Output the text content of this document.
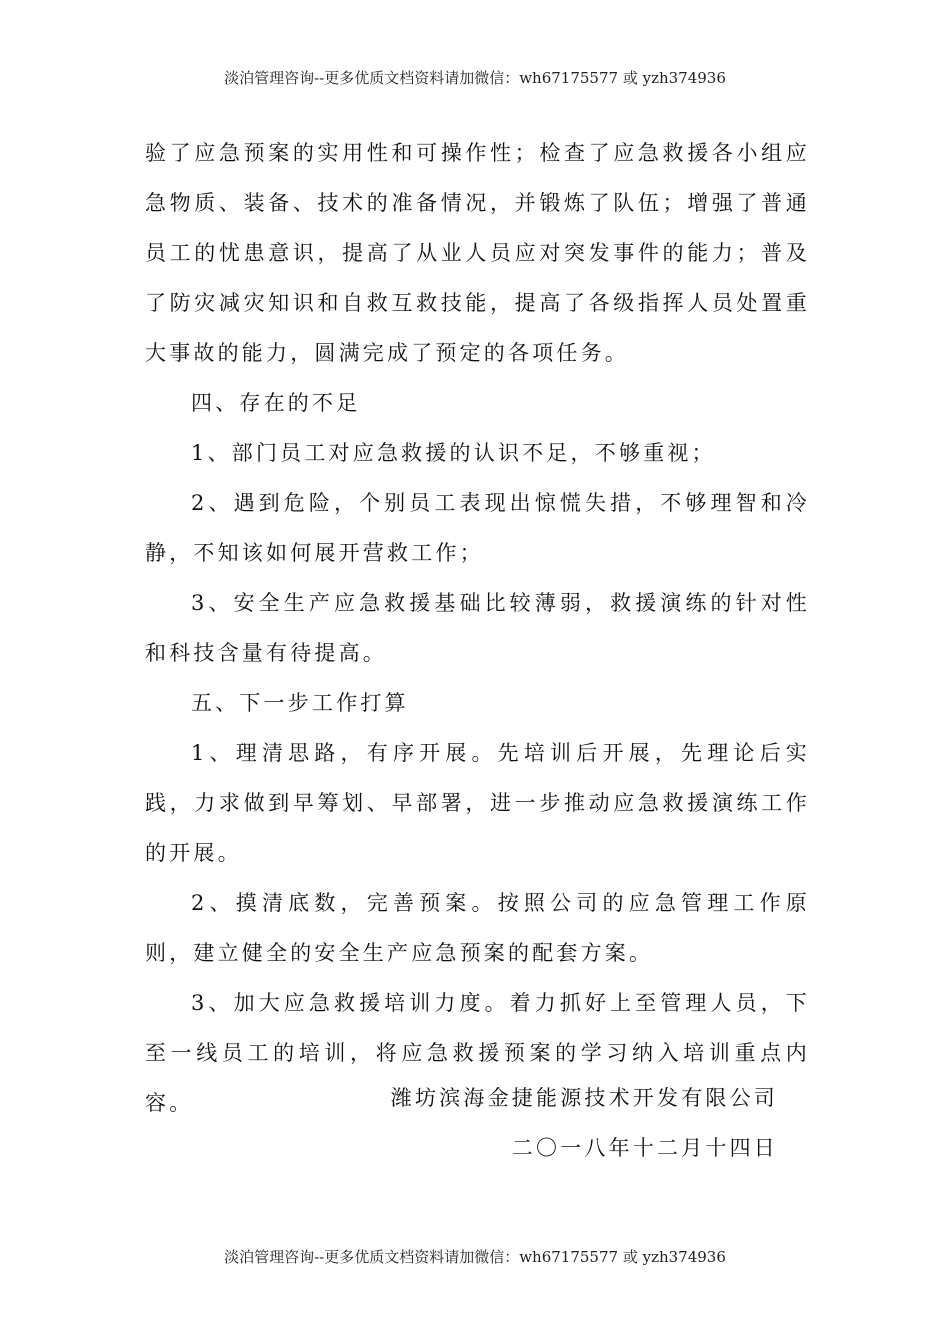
淡泊管理咨询--更多优质文档资料请加微信：wh67175577 或 yzh374936

验了应急预案的实用性和可操作性；检查了应急救援各小组应急物质、装备、技术的准备情况，并锻炼了队伍；增强了普通员工的忧患意识，提高了从业人员应对突发事件的能力；普及了防灾减灾知识和自救互救技能，提高了各级指挥人员处置重大事故的能力，圆满完成了预定的各项任务。

四、存在的不足

1、部门员工对应急救援的认识不足，不够重视；

2、遇到危险，个别员工表现出惊慌失措，不够理智和冷静，不知该如何展开营救工作；

3、安全生产应急救援基础比较薄弱，救援演练的针对性和科技含量有待提高。

五、下一步工作打算

1、理清思路，有序开展。先培训后开展，先理论后实践，力求做到早筹划、早部署，进一步推动应急救援演练工作的开展。

2、摸清底数，完善预案。按照公司的应急管理工作原则，建立健全的安全生产应急预案的配套方案。

3、加大应急救援培训力度。着力抓好上至管理人员，下至一线员工的培训，将应急救援预案的学习纳入培训重点内容。	潍坊滨海金捷能源技术开发有限公司
二〇一八年十二月十四日
淡泊管理咨询--更多优质文档资料请加微信：wh67175577 或 yzh374936
